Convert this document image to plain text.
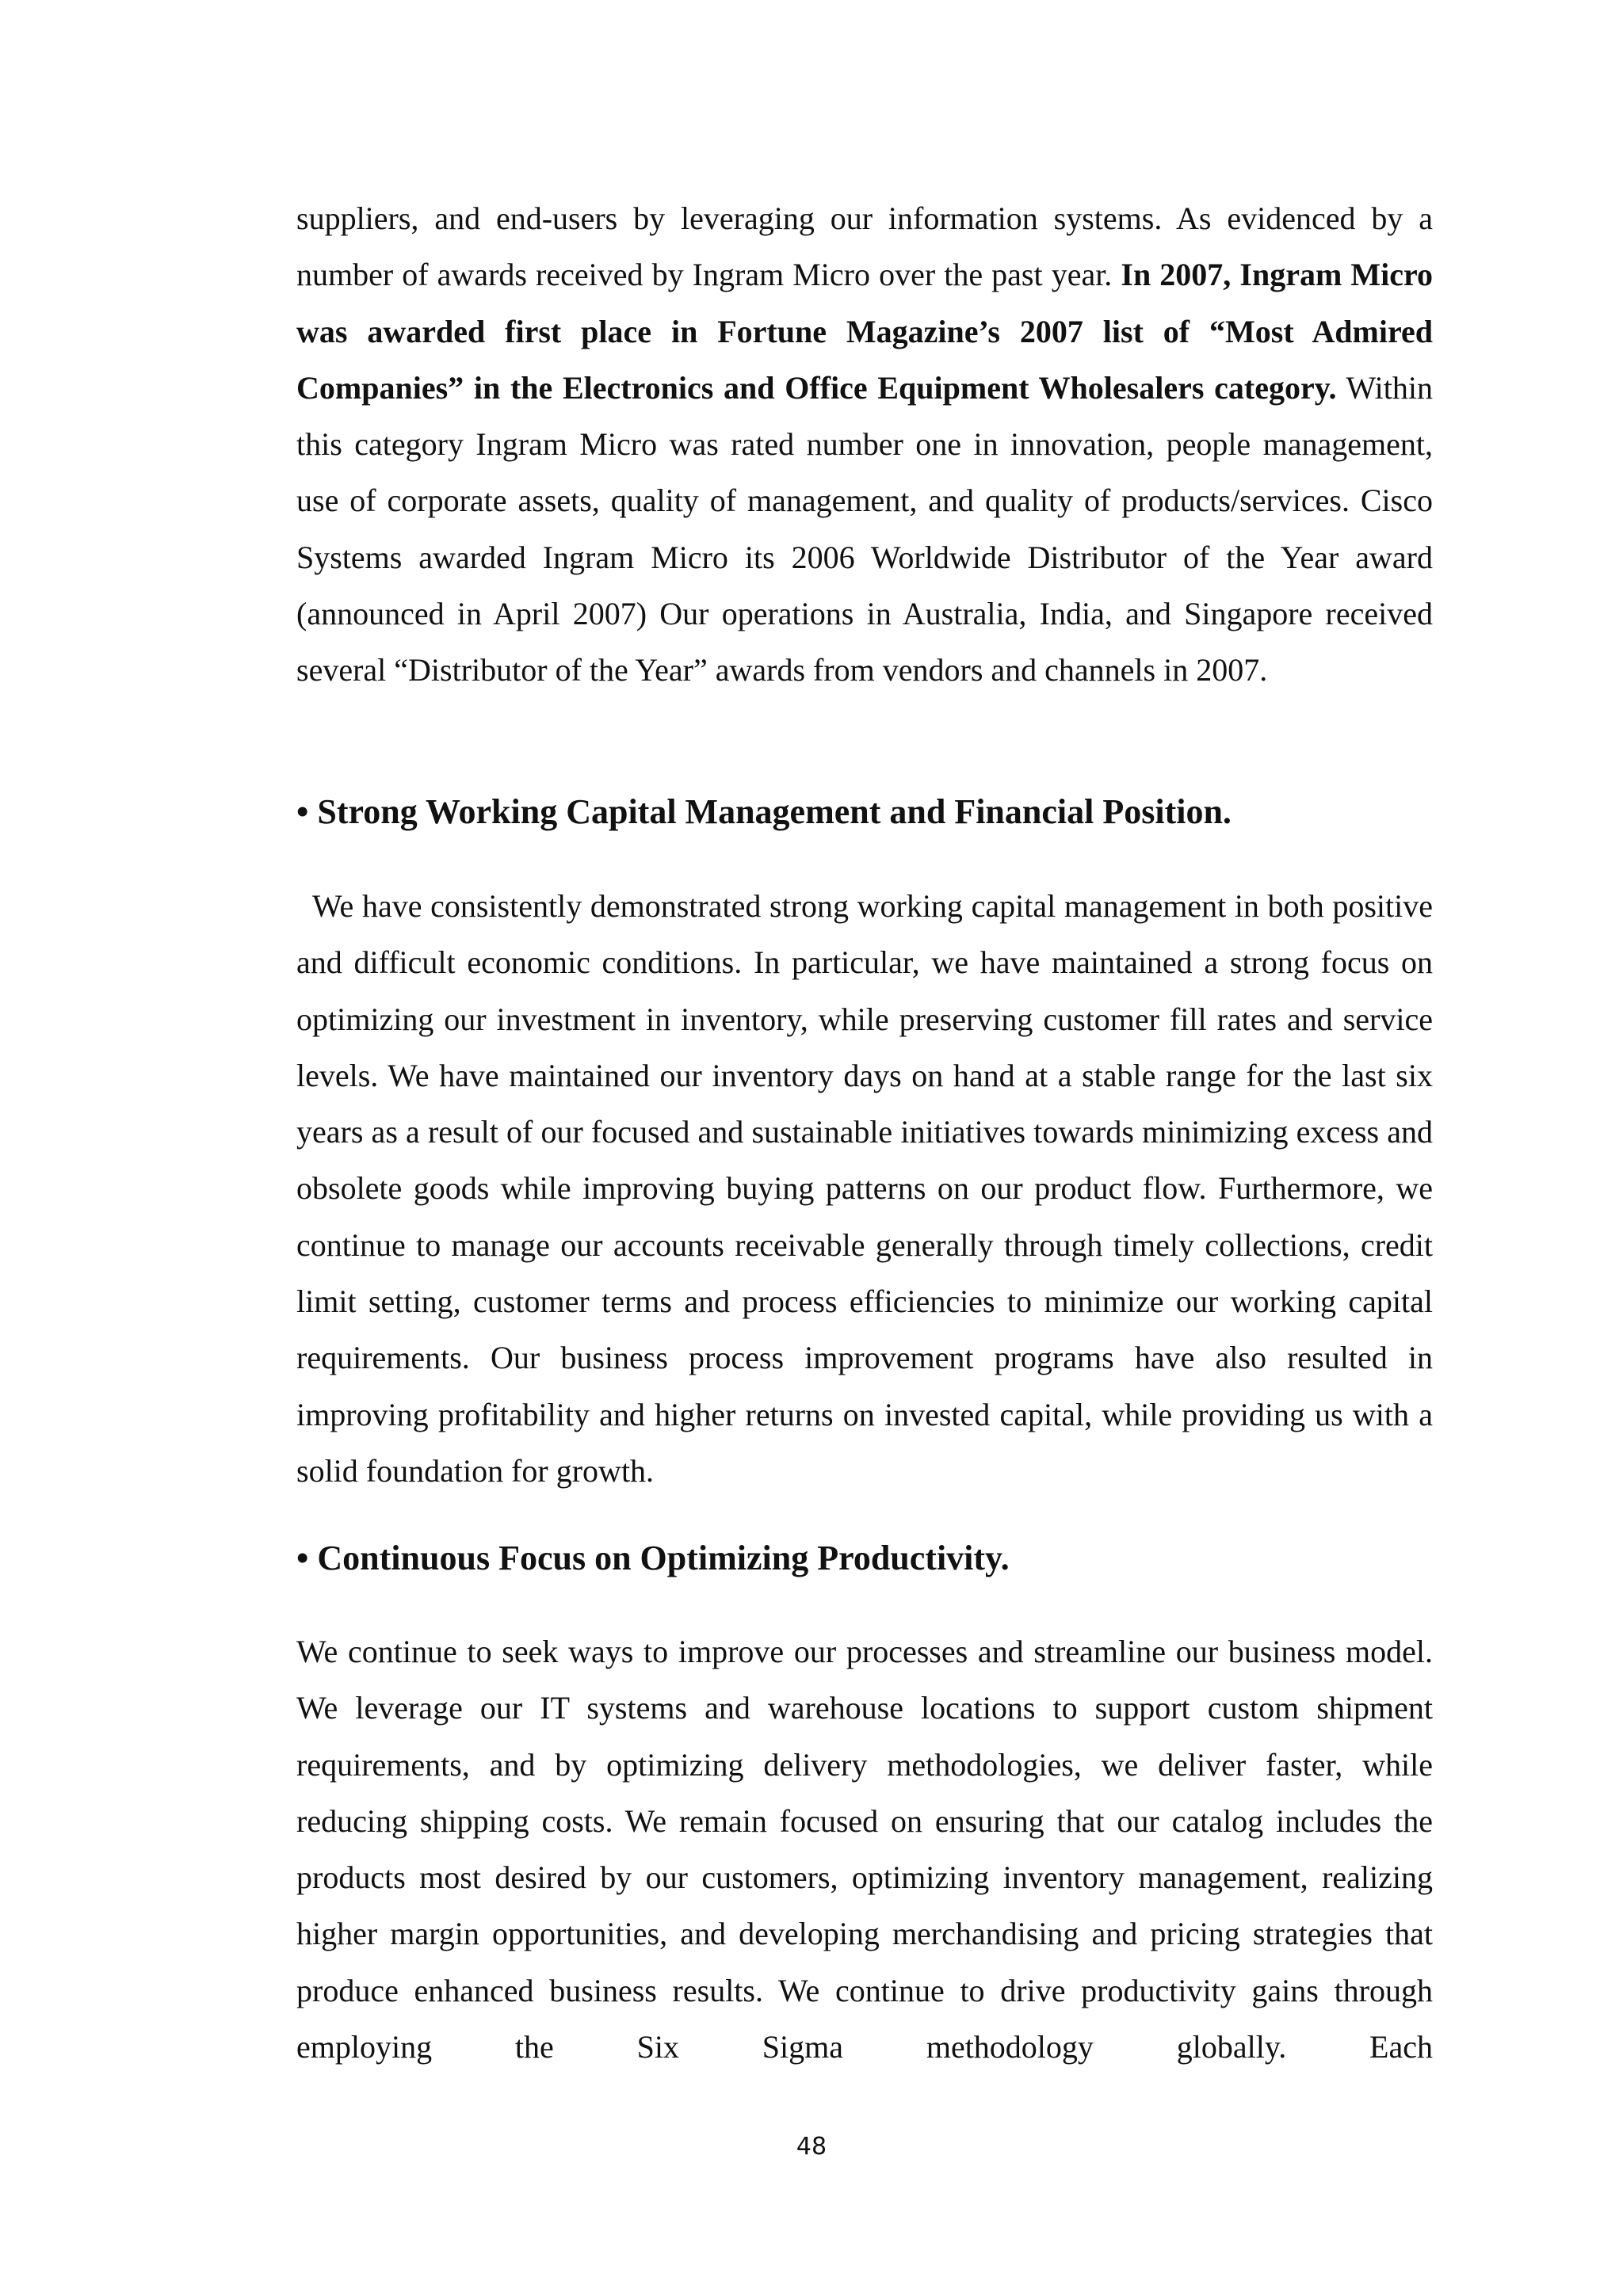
suppliers, and end-users by leveraging our information systems. As evidenced by a number of awards received by Ingram Micro over the past year. In 2007, Ingram Micro was awarded first place in Fortune Magazine’s 2007 list of “Most Admired Companies” in the Electronics and Office Equipment Wholesalers category. Within this category Ingram Micro was rated number one in innovation, people management, use of corporate assets, quality of management, and quality of products/services. Cisco Systems awarded Ingram Micro its 2006 Worldwide Distributor of the Year award (announced in April 2007) Our operations in Australia, India, and Singapore received several “Distributor of the Year” awards from vendors and channels in 2007.

• Strong Working Capital Management and Financial Position.

We have consistently demonstrated strong working capital management in both positive and difficult economic conditions. In particular, we have maintained a strong focus on optimizing our investment in inventory, while preserving customer fill rates and service levels. We have maintained our inventory days on hand at a stable range for the last six years as a result of our focused and sustainable initiatives towards minimizing excess and obsolete goods while improving buying patterns on our product flow. Furthermore, we continue to manage our accounts receivable generally through timely collections, credit limit setting, customer terms and process efficiencies to minimize our working capital requirements. Our business process improvement programs have also resulted in improving profitability and higher returns on invested capital, while providing us with a solid foundation for growth.

• Continuous Focus on Optimizing Productivity.

We continue to seek ways to improve our processes and streamline our business model. We leverage our IT systems and warehouse locations to support custom shipment requirements, and by optimizing delivery methodologies, we deliver faster, while reducing shipping costs. We remain focused on ensuring that our catalog includes the products most desired by our customers, optimizing inventory management, realizing higher margin opportunities, and developing merchandising and pricing strategies that produce enhanced business results. We continue to drive productivity gains through employing the Six Sigma methodology globally. Each

48
